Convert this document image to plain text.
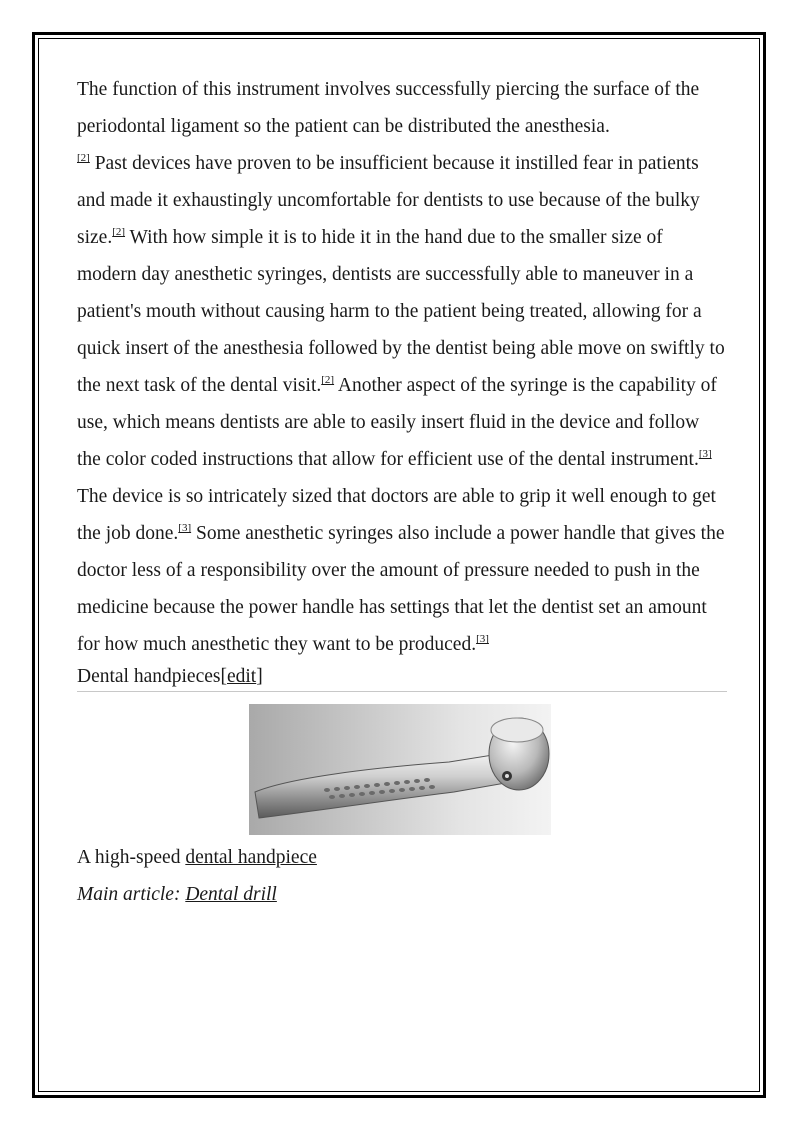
The function of this instrument involves successfully piercing the surface of the periodontal ligament so the patient can be distributed the anesthesia.
[2] Past devices have proven to be insufficient because it instilled fear in patients and made it exhaustingly uncomfortable for dentists to use because of the bulky size.[2] With how simple it is to hide it in the hand due to the smaller size of modern day anesthetic syringes, dentists are successfully able to maneuver in a patient's mouth without causing harm to the patient being treated, allowing for a quick insert of the anesthesia followed by the dentist being able move on swiftly to the next task of the dental visit.[2] Another aspect of the syringe is the capability of use, which means dentists are able to easily insert fluid in the device and follow the color coded instructions that allow for efficient use of the dental instrument.[3] The device is so intricately sized that doctors are able to grip it well enough to get the job done.[3] Some anesthetic syringes also include a power handle that gives the doctor less of a responsibility over the amount of pressure needed to push in the medicine because the power handle has settings that let the dentist set an amount for how much anesthetic they want to be produced.[3]

Dental handpieces[edit]

A high-speed dental handpiece

Main article: Dental drill
